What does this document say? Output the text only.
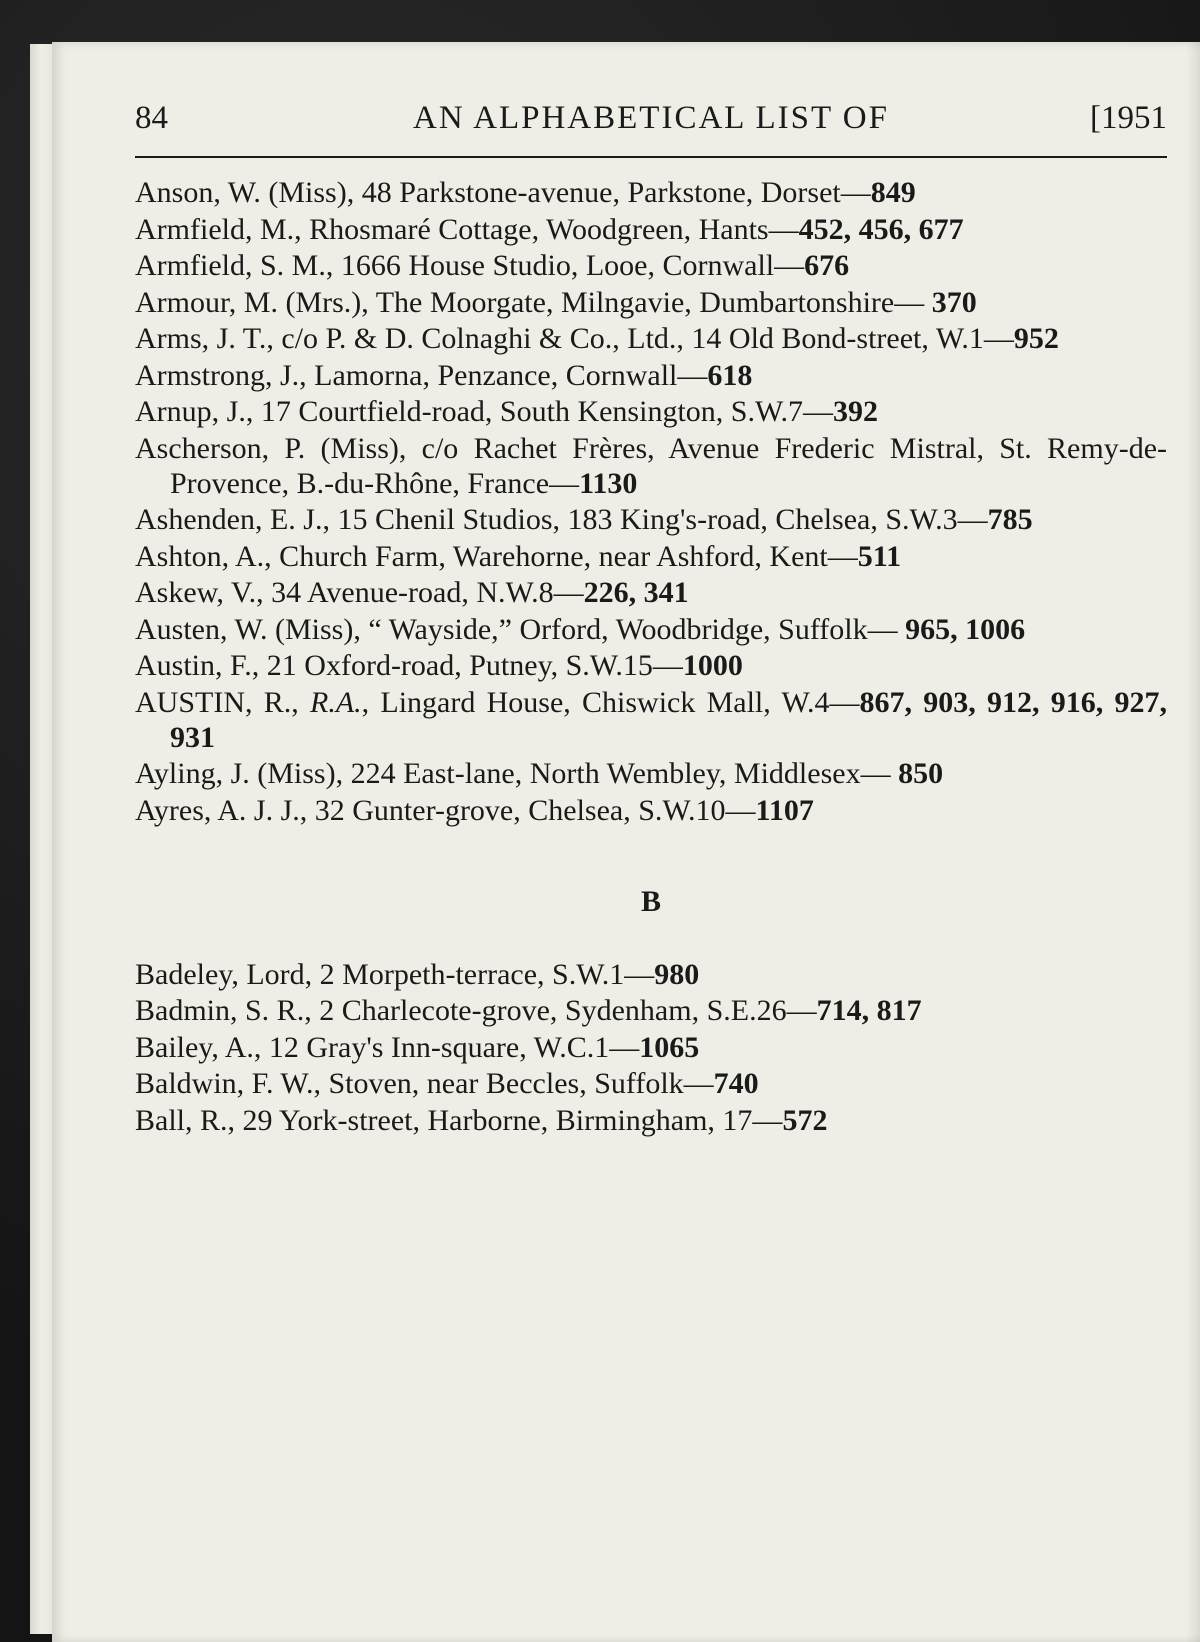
84	AN ALPHABETICAL LIST OF	[1951

Anson, W. (Miss), 48 Parkstone-avenue, Parkstone, Dorset—849

Armfield, M., Rhosmaré Cottage, Woodgreen, Hants—452, 456, 677

Armfield, S. M., 1666 House Studio, Looe, Cornwall—676

Armour, M. (Mrs.), The Moorgate, Milngavie, Dumbartonshire— 370

Arms, J. T., c/o P. & D. Colnaghi & Co., Ltd., 14 Old Bond-street, W.1—952

Armstrong, J., Lamorna, Penzance, Cornwall—618

Arnup, J., 17 Courtfield-road, South Kensington, S.W.7—392

Ascherson, P. (Miss), c/o Rachet Frères, Avenue Frederic Mistral, St. Remy-de-Provence, B.-du-Rhône, France—1130

Ashenden, E. J., 15 Chenil Studios, 183 King's-road, Chelsea, S.W.3—785

Ashton, A., Church Farm, Warehorne, near Ashford, Kent—511

Askew, V., 34 Avenue-road, N.W.8—226, 341

Austen, W. (Miss), “ Wayside,” Orford, Woodbridge, Suffolk— 965, 1006

Austin, F., 21 Oxford-road, Putney, S.W.15—1000

AUSTIN, R., R.A., Lingard House, Chiswick Mall, W.4—867, 903, 912, 916, 927, 931

Ayling, J. (Miss), 224 East-lane, North Wembley, Middlesex— 850

Ayres, A. J. J., 32 Gunter-grove, Chelsea, S.W.10—1107

B

Badeley, Lord, 2 Morpeth-terrace, S.W.1—980

Badmin, S. R., 2 Charlecote-grove, Sydenham, S.E.26—714, 817

Bailey, A., 12 Gray's Inn-square, W.C.1—1065

Baldwin, F. W., Stoven, near Beccles, Suffolk—740

Ball, R., 29 York-street, Harborne, Birmingham, 17—572
